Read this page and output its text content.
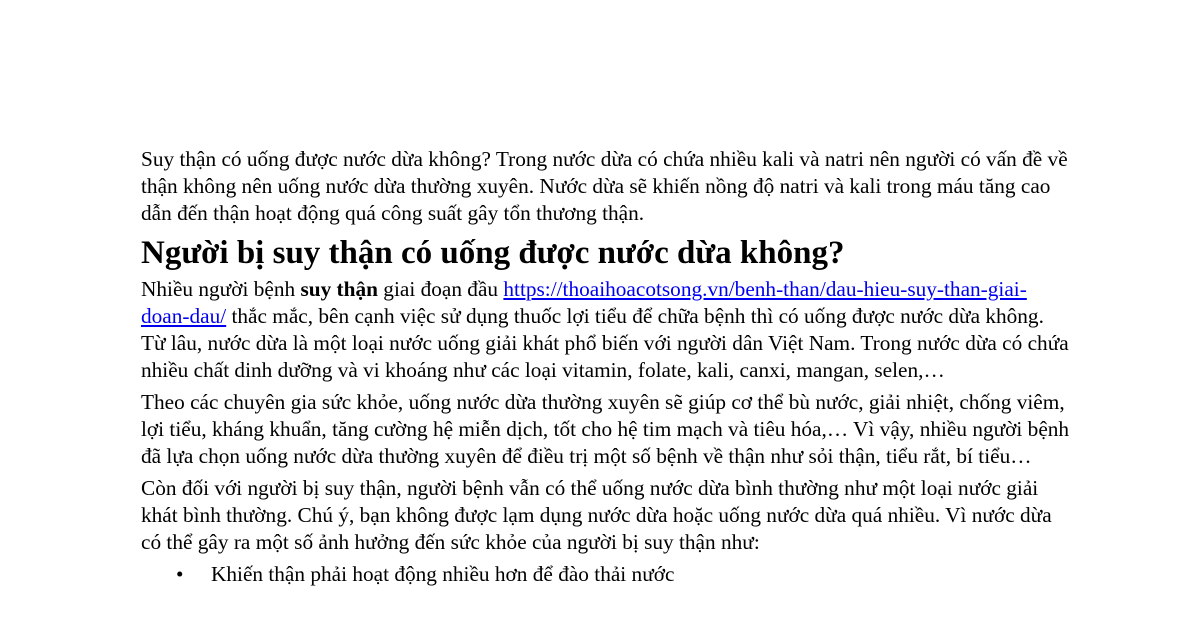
Suy thận có uống được nước dừa không? Trong nước dừa có chứa nhiều kali và natri nên người có vấn đề về thận không nên uống nước dừa thường xuyên. Nước dừa sẽ khiến nồng độ natri và kali trong máu tăng cao dẫn đến thận hoạt động quá công suất gây tổn thương thận.

Người bị suy thận có uống được nước dừa không?

Nhiều người bệnh suy thận giai đoạn đầu https://thoaihoacotsong.vn/benh-than/dau-hieu-suy-than-giai-doan-dau/ thắc mắc, bên cạnh việc sử dụng thuốc lợi tiểu để chữa bệnh thì có uống được nước dừa không. Từ lâu, nước dừa là một loại nước uống giải khát phổ biến với người dân Việt Nam. Trong nước dừa có chứa nhiều chất dinh dưỡng và vi khoáng như các loại vitamin, folate, kali, canxi, mangan, selen,…

Theo các chuyên gia sức khỏe, uống nước dừa thường xuyên sẽ giúp cơ thể bù nước, giải nhiệt, chống viêm, lợi tiểu, kháng khuẩn, tăng cường hệ miễn dịch, tốt cho hệ tim mạch và tiêu hóa,… Vì vậy, nhiều người bệnh đã lựa chọn uống nước dừa thường xuyên để điều trị một số bệnh về thận như sỏi thận, tiểu rắt, bí tiểu…

Còn đối với người bị suy thận, người bệnh vẫn có thể uống nước dừa bình thường như một loại nước giải khát bình thường. Chú ý, bạn không được lạm dụng nước dừa hoặc uống nước dừa quá nhiều. Vì nước dừa có thể gây ra một số ảnh hưởng đến sức khỏe của người bị suy thận như:

• Khiến thận phải hoạt động nhiều hơn để đào thải nước
